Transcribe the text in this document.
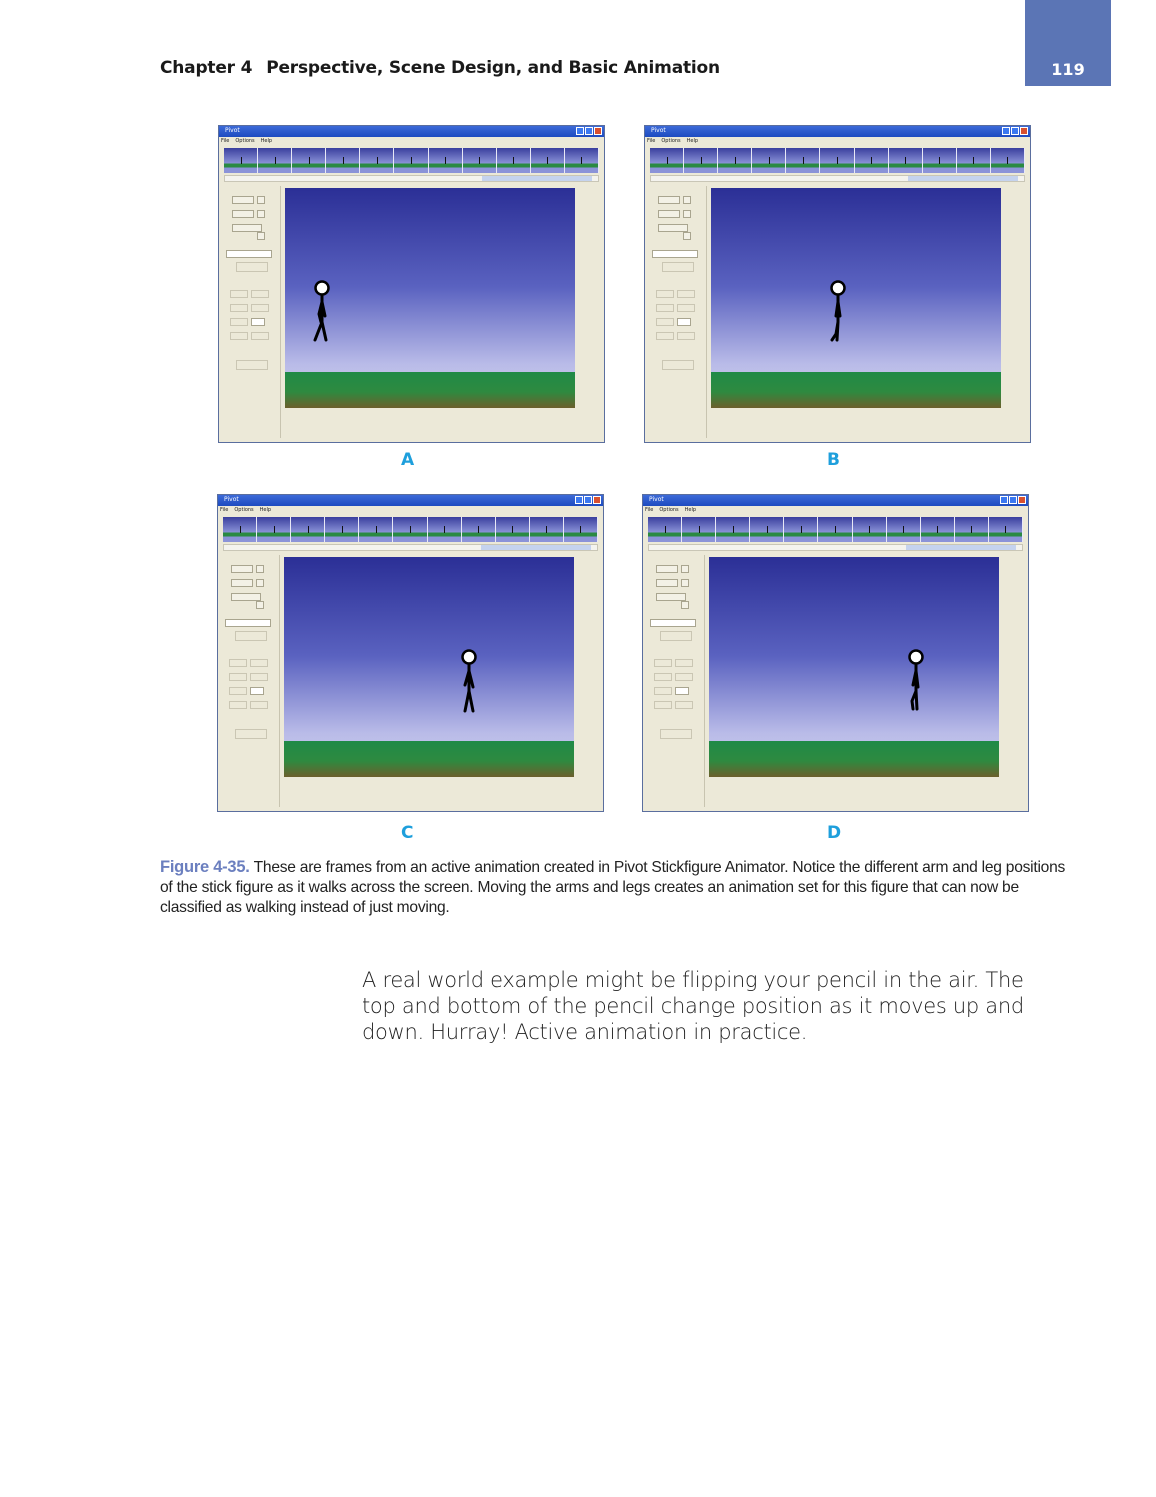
119
Chapter 4 Perspective, Scene Design, and Basic Animation
Pivot
File Options Help
Pivot
File Options Help
Pivot
File Options Help
Pivot
File Options Help
A	B
C	D
Figure 4-35. These are frames from an active animation created in Pivot Stickfigure Animator. Notice the different arm and leg positions of the stick figure as it walks across the screen. Moving the arms and legs creates an animation set for this figure that can now be classified as walking instead of just moving.
A real world example might be flipping your pencil in the air. The top and bottom of the pencil change position as it moves up and down. Hurray! Active animation in practice.
